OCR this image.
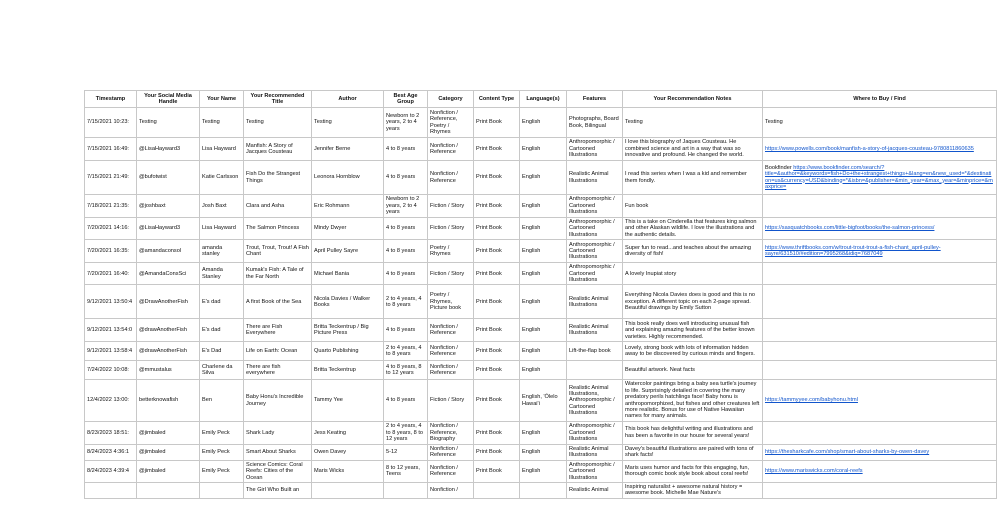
Timestamp	Your Social Media Handle	Your Name	Your Recommended Title	Author	Best Age Group	Category	Content Type	Language(s)	Features	Your Recommendation Notes	Where to Buy / Find
7/15/2021 10:23:	Testing	Testing	Testing	Testing	Newborn to 2 years, 2 to 4 years	Nonfiction / Reference, Poetry / Rhymes	Print Book	English	Photographs, Board Book, Bilingual	Testing	Testing
7/15/2021 16:49:	@LisaHayward3	Lisa Hayward	Manfish: A Story of Jacques Cousteau	Jennifer Berne	4 to 8 years	Nonfiction / Reference	Print Book	English	Anthropomorphic / Cartooned Illustrations	I love this biography of Jaques Cousteau. He combined science and art in a way that was so innovative and profound. He changed the world.	https://www.powells.com/book/manfish-a-story-of-jacques-cousteau-9780811860635
7/15/2021 21:49:	@bufotwist	Katie Carlsson	Fish Do the Strangest Things	Leonora Hornblow	4 to 8 years	Nonfiction / Reference	Print Book	English	Realistic Animal Illustrations	I read this series when I was a kid and remember them fondly.	Bookfinder https://www.bookfinder.com/search/?title=&author=&keywords=fish+Do+the+strangest+things+&lang=en&new_used=*&destination=us&currency=USD&binding=*&isbn=&publisher=&min_year=&max_year=&minprice=&maxprice=
7/18/2021 21:35:	@joshbaxt	Josh Baxt	Clara and Asha	Eric Rohmann	Newborn to 2 years, 2 to 4 years	Fiction / Story	Print Book	English	Anthropomorphic / Cartooned Illustrations	Fun book	
7/20/2021 14:16:	@LisaHayward3	Lisa Hayward	The Salmon Princess	Mindy Dwyer	4 to 8 years	Fiction / Story	Print Book	English	Anthropomorphic / Cartooned Illustrations	This is a take on Cinderella that features king salmon and other Alaskan wildlife. I love the illustrations and the authentic details.	https://sasquatchbooks.com/little-bigfoot/books/the-salmon-princess/
7/20/2021 16:35:	@amandaconsol	amanda stanley	Trout, Trout, Trout! A Fish Chant	April Pulley Sayre	4 to 8 years	Poetry / Rhymes	Print Book	English	Anthropomorphic / Cartooned Illustrations	Super fun to read...and teaches about the amazing diversity of fish!	https://www.thriftbooks.com/w/trout-trout-trout-a-fish-chant_april-pulley-sayre/631510/#edition=7995268&idiq=7687049
7/20/2021 16:40:	@AmandaConsSci	Amanda Stanley	Kumak's Fish: A Tale of the Far North	Michael Bania	4 to 8 years	Fiction / Story	Print Book	English	Anthropomorphic / Cartooned Illustrations	A lovely Inupiat story	
9/12/2021 13:50:4	@DrawAnotherFish	E's dad	A first Book of the Sea	Nicola Davies / Walker Books	2 to 4 years, 4 to 8 years	Poetry / Rhymes, Picture book	Print Book	English	Realistic Animal Illustrations	Everything Nicola Davies does is good and this is no exception. A different topic on each 2-page spread. Beautiful drawings by Emily Sutton	
9/12/2021 13:54:0	@drawAnotherFish	E's dad	There are Fish Everywhere	Britta Teckentrup / Big Picture Press	4 to 8 years	Nonfiction / Reference	Print Book	English	Realistic Animal Illustrations	This book really does well introducing unusual fish and explaining amazing features of the better known varieties. Highly recommended.	
9/12/2021 13:58:4	@drawAnotherFish	E's Dad	Life on Earth: Ocean	Quarto Publishing	2 to 4 years, 4 to 8 years	Nonfiction / Reference	Print Book	English	Lift-the-flap book	Lovely, strong book with lots of information hidden away to be discovered by curious minds and fingers.	
7/24/2022 10:08:	@mmustalus	Charlene da Silva	There are fish everywhere	Britta Teckentrup	4 to 8 years, 8 to 12 years	Nonfiction / Reference	Print Book	English		Beautiful artwork. Neat facts	
12/4/2022 13:00:	betterknowafish	Ben	Baby Honu's Incredible Journey	Tammy Yee	4 to 8 years	Fiction / Story	Print Book	English, 'Ōlelo Hawai'i	Realistic Animal Illustrations, Anthropomorphic / Cartooned Illustrations	Watercolor paintings bring a baby sea turtle's journey to life. Surprisingly detailed in covering the many predatory perils hatchlings face! Baby honu is anthropomorphized, but fishes and other creatures left more realistic. Bonus for use of Native Hawaiian names for many animals.	https://tammyyee.com/babyhonu.html
8/23/2023 18:51:	@jimbaled	Emily Peck	Shark Lady	Jess Keating	2 to 4 years, 4 to 8 years, 8 to 12 years	Nonfiction / Reference, Biography	Print Book	English	Anthropomorphic / Cartooned Illustrations	This book has delightful writing and illustrations and has been a favorite in our house for several years!	
8/24/2023 4:36:1	@jimbaled	Emily Peck	Smart About Sharks	Owen Davey	5-12	Nonfiction / Reference	Print Book	English	Realistic Animal Illustrations	Davey's beautiful illustrations are paired with tons of shark facts!	https://thesharkcafe.com/shop/smart-about-sharks-by-owen-davey
8/24/2023 4:39:4	@jimbaled	Emily Peck	Science Comics: Coral Reefs: Cities of the Ocean	Maris Wicks	8 to 12 years, Teens	Nonfiction / Reference	Print Book	English	Anthropomorphic / Cartooned Illustrations	Maris uses humor and facts for this engaging, fun, thorough comic book style book about coral reefs!	https://www.mariswicks.com/coral-reefs
			The Girl Who Built an			Nonfiction /			Realistic Animal	Inspiring naturalist + awesome natural history = awesome book. Michelle Mae Nature's	
